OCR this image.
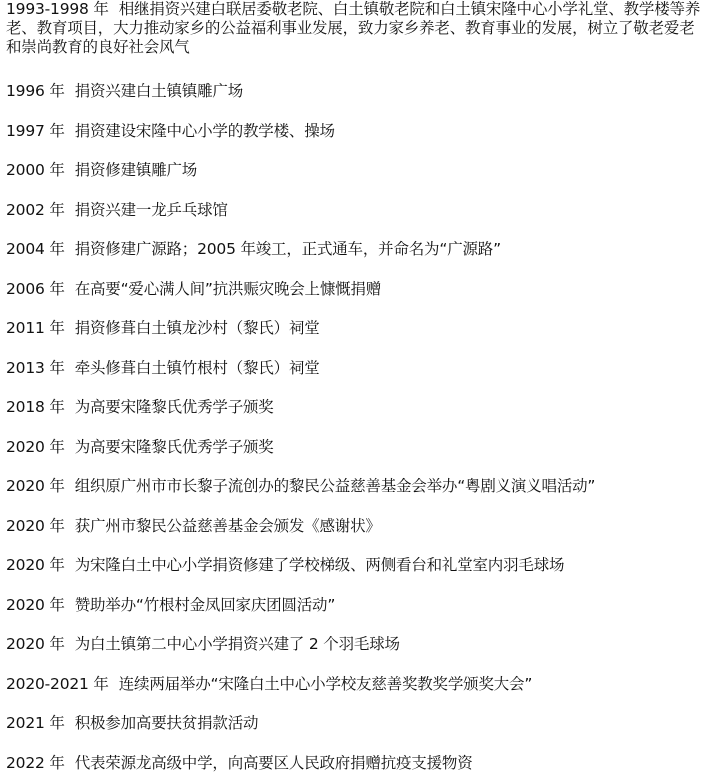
1993-1998 年 相继捐资兴建白联居委敬老院、白土镇敬老院和白土镇宋隆中心小学礼堂、教学楼等养老、教育项目，大力推动家乡的公益福利事业发展，致力家乡养老、教育事业的发展，树立了敬老爱老和崇尚教育的良好社会风气

1996 年 捐资兴建白土镇镇雕广场
1997 年 捐资建设宋隆中心小学的教学楼、操场
2000 年 捐资修建镇雕广场
2002 年 捐资兴建一龙乒乓球馆
2004 年 捐资修建广源路；2005 年竣工，正式通车，并命名为“广源路”
2006 年 在高要“爱心满人间”抗洪赈灾晚会上慷慨捐赠
2011 年 捐资修葺白土镇龙沙村（黎氏）祠堂
2013 年 牵头修葺白土镇竹根村（黎氏）祠堂
2018 年 为高要宋隆黎氏优秀学子颁奖
2020 年 为高要宋隆黎氏优秀学子颁奖
2020 年 组织原广州市市长黎子流创办的黎民公益慈善基金会举办“粤剧义演义唱活动”
2020 年 获广州市黎民公益慈善基金会颁发《感谢状》
2020 年 为宋隆白土中心小学捐资修建了学校梯级、两侧看台和礼堂室内羽毛球场
2020 年 赞助举办“竹根村金凤回家庆团圆活动”
2020 年 为白土镇第二中心小学捐资兴建了 2 个羽毛球场
2020-2021 年 连续两届举办“宋隆白土中心小学校友慈善奖教奖学颁奖大会”
2021 年 积极参加高要扶贫捐款活动
2022 年 代表荣源龙高级中学，向高要区人民政府捐赠抗疫支援物资
